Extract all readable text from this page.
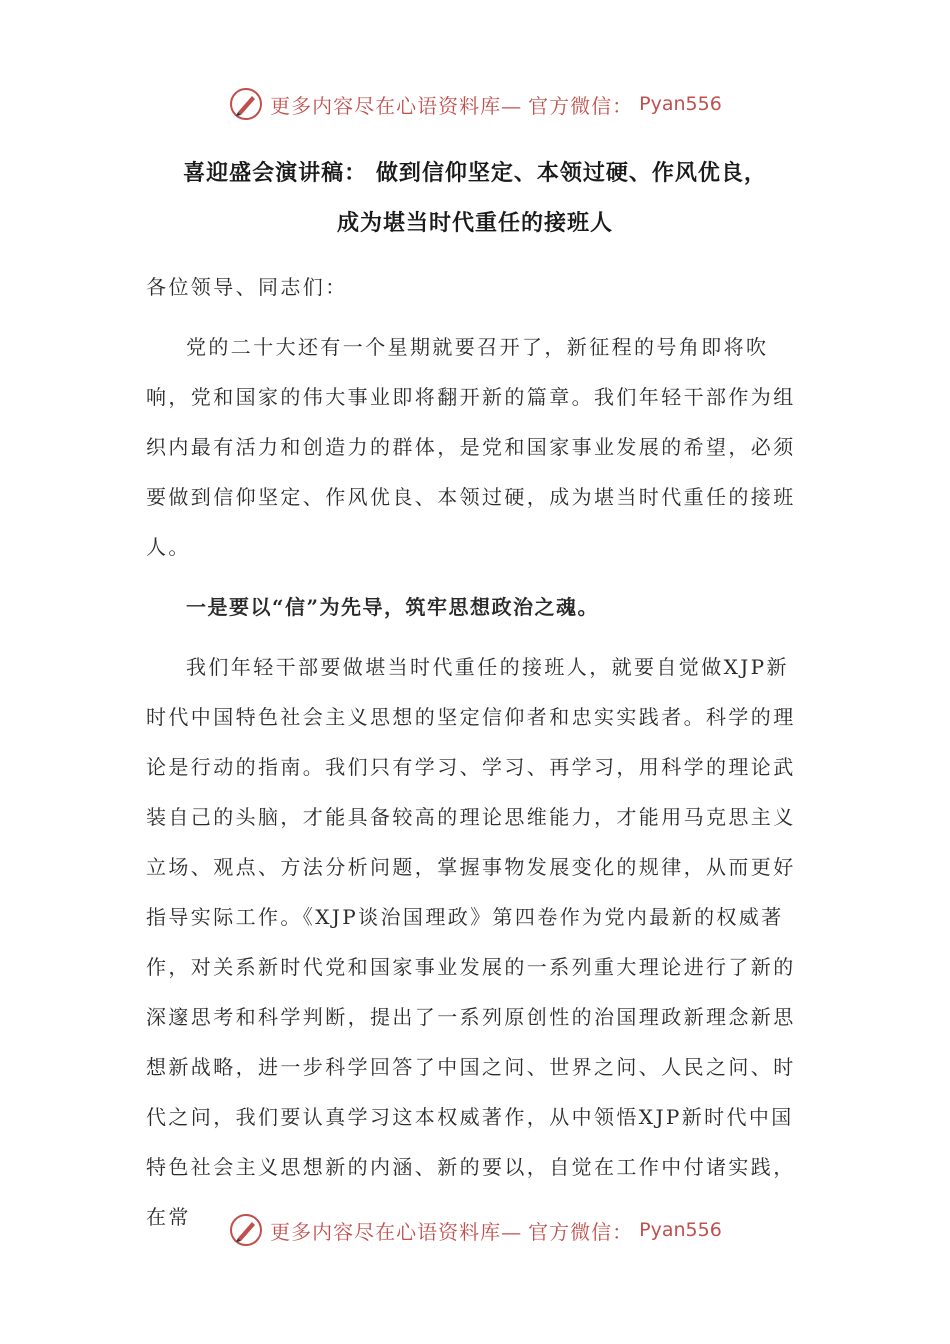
更多内容尽在心语资料库— 官方微信： Pyan556
喜迎盛会演讲稿： 做到信仰坚定、本领过硬、作风优良，
成为堪当时代重任的接班人

各位领导、同志们：

党的二十大还有一个星期就要召开了，新征程的号角即将吹响，党和国家的伟大事业即将翻开新的篇章。我们年轻干部作为组织内最有活力和创造力的群体，是党和国家事业发展的希望，必须要做到信仰坚定、作风优良、本领过硬，成为堪当时代重任的接班人。

一是要以“信”为先导，筑牢思想政治之魂。

我们年轻干部要做堪当时代重任的接班人，就要自觉做XJP新时代中国特色社会主义思想的坚定信仰者和忠实实践者。科学的理论是行动的指南。我们只有学习、学习、再学习，用科学的理论武装自己的头脑，才能具备较高的理论思维能力，才能用马克思主义立场、观点、方法分析问题，掌握事物发展变化的规律，从而更好指导实际工作。《XJP谈治国理政》第四卷作为党内最新的权威著作，对关系新时代党和国家事业发展的一系列重大理论进行了新的深邃思考和科学判断，提出了一系列原创性的治国理政新理念新思想新战略，进一步科学回答了中国之问、世界之问、人民之问、时代之问，我们要认真学习这本权威著作，从中领悟XJP新时代中国特色社会主义思想新的内涵、新的要以，自觉在工作中付诸实践，在常

更多内容尽在心语资料库— 官方微信： Pyan556
